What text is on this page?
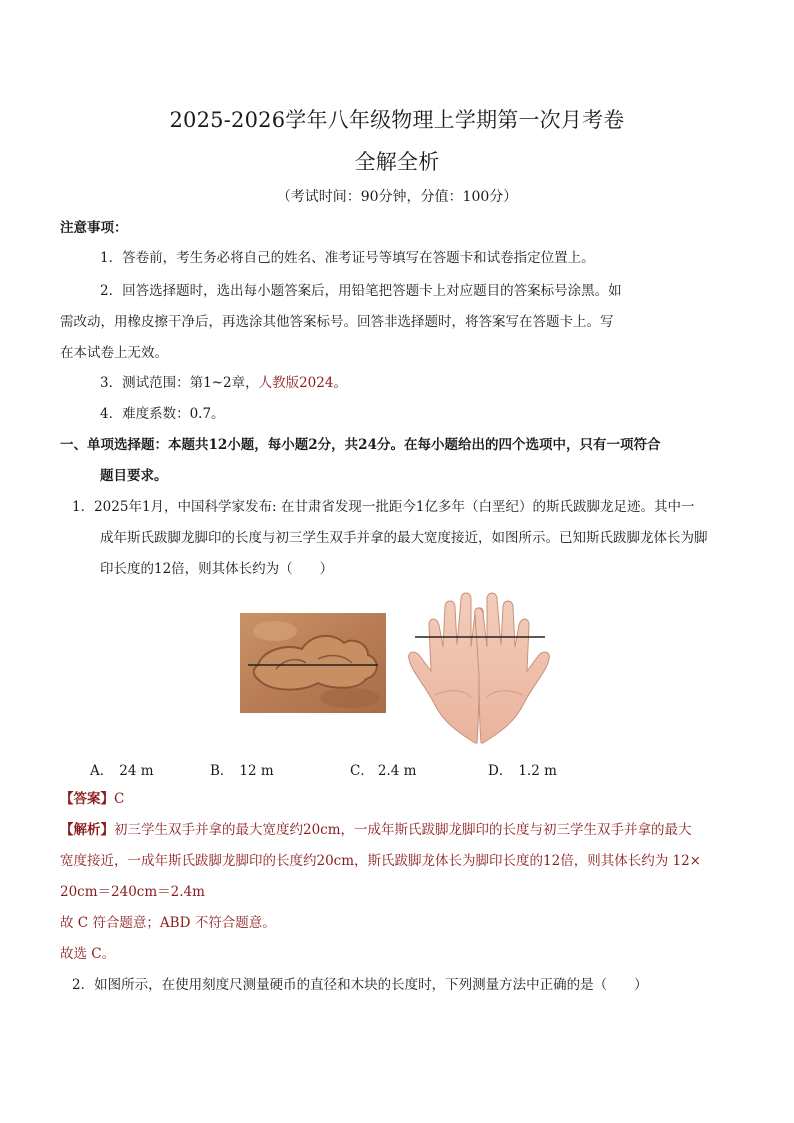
2025-2026学年八年级物理上学期第一次月考卷
全解全析
（考试时间：90分钟，分值：100分）
注意事项：
1．答卷前，考生务必将自己的姓名、准考证号等填写在答题卡和试卷指定位置上。
2．回答选择题时，选出每小题答案后，用铅笔把答题卡上对应题目的答案标号涂黑。如
需改动，用橡皮擦干净后，再选涂其他答案标号。回答非选择题时，将答案写在答题卡上。写
在本试卷上无效。
3．测试范围：第1~2章，人教版2024。
4．难度系数：0.7。
一、单项选择题：本题共12小题，每小题2分，共24分。在每小题给出的四个选项中，只有一项符合
题目要求。
1．2025年1月，中国科学家发布: 在甘肃省发现一批距今1亿多年（白垩纪）的斯氏跋脚龙足迹。其中一
成年斯氏跋脚龙脚印的长度与初三学生双手并拿的最大宽度接近，如图所示。已知斯氏跋脚龙体长为脚
印长度的12倍，则其体长约为（　　）
A． 24 m	B． 12 m	C． 2.4 m	D． 1.2 m
【答案】C
【解析】初三学生双手并拿的最大宽度约20cm，一成年斯氏跋脚龙脚印的长度与初三学生双手并拿的最大
宽度接近，一成年斯氏跋脚龙脚印的长度约20cm，斯氏跋脚龙体长为脚印长度的12倍，则其体长约为 12×
20cm＝240cm＝2.4m
故 C 符合题意；ABD 不符合题意。
故选 C。
2．如图所示，在使用刻度尺测量硬币的直径和木块的长度时，下列测量方法中正确的是（　　）
